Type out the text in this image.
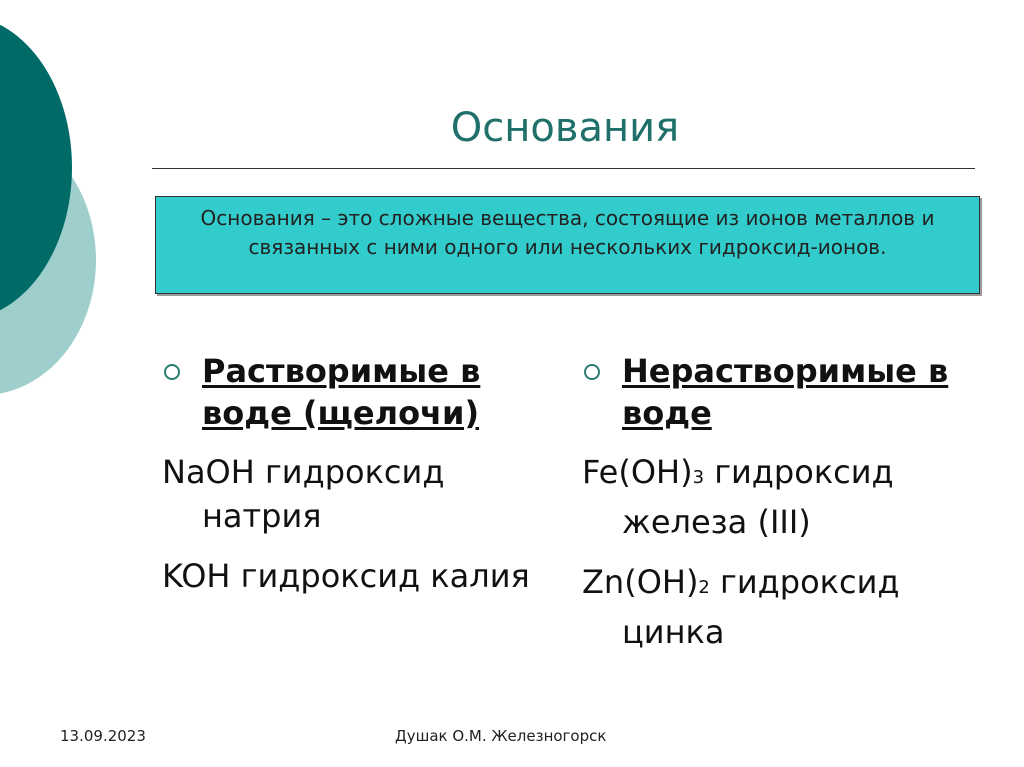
Основания
Основания – это сложные вещества, состоящие из ионов металлов и связанных с ними одного или нескольких гидроксид-ионов.
Растворимые в воде (щелочи)
NaOH гидроксид натрия
KOH гидроксид калия
Нерастворимые в воде
Fe(OH)3 гидроксид железа (III)
Zn(OH)2 гидроксид цинка
13.09.2023	Душак О.М. Железногорск
